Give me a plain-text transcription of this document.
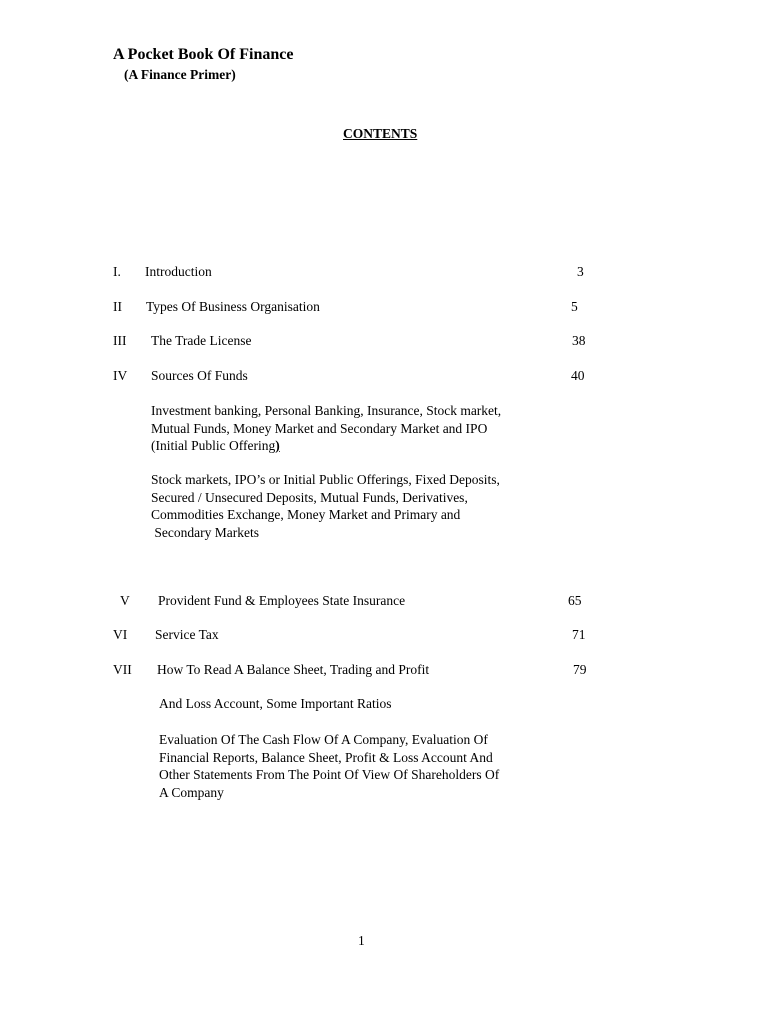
A Pocket Book Of Finance
(A Finance Primer)
CONTENTS
I. Introduction	3
II Types Of Business Organisation	5
III The Trade License	38
IV Sources Of Funds	40
Investment banking, Personal Banking, Insurance, Stock market,
Mutual Funds, Money Market and Secondary Market and IPO
(Initial Public Offering)
Stock markets, IPO’s or Initial Public Offerings, Fixed Deposits,
Secured / Unsecured Deposits, Mutual Funds, Derivatives,
Commodities Exchange, Money Market and Primary and
Secondary Markets
V Provident Fund & Employees State Insurance	65
VI Service Tax	71
VII How To Read A Balance Sheet, Trading and Profit	79
And Loss Account, Some Important Ratios
Evaluation Of The Cash Flow Of A Company, Evaluation Of
Financial Reports, Balance Sheet, Profit & Loss Account And
Other Statements From The Point Of View Of Shareholders Of
A Company
1
